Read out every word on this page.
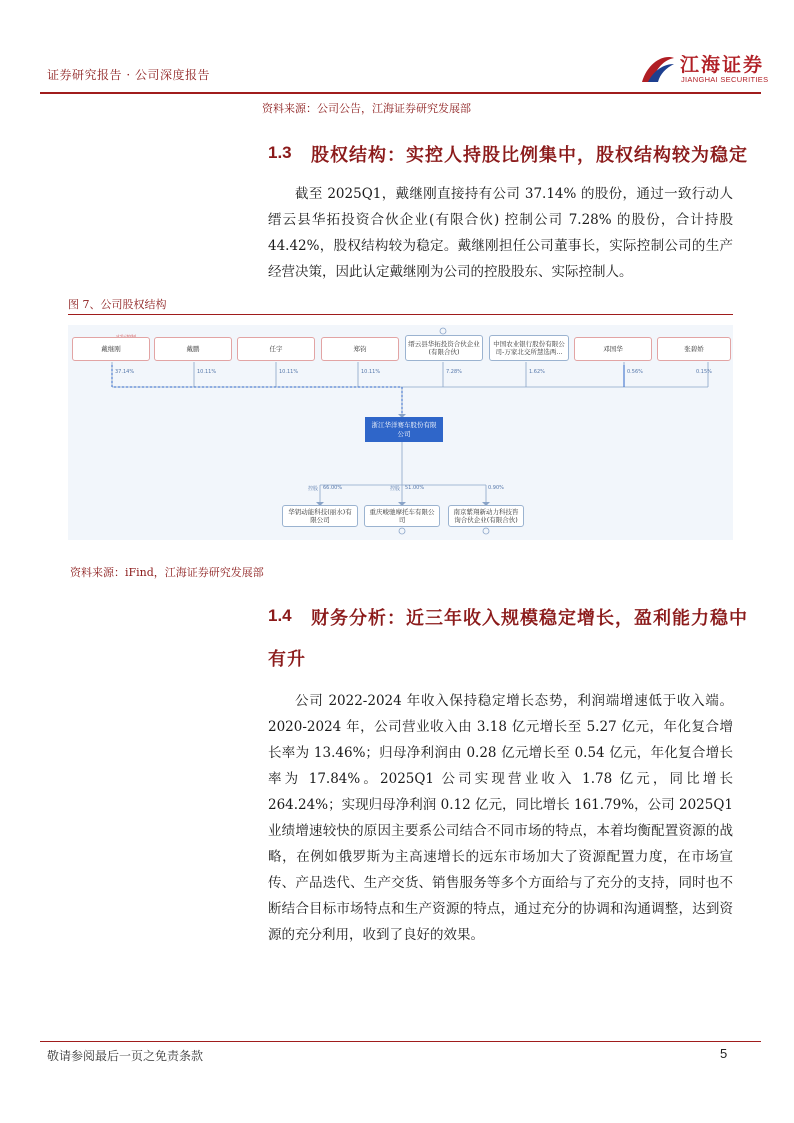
证券研究报告 · 公司深度报告	江海证券
JIANGHAI SECURITIES
资料来源：公司公告，江海证券研究发展部
1.3 股权结构：实控人持股比例集中，股权结构较为稳定

截至 2025Q1，戴继刚直接持有公司 37.14% 的股份，通过一致行动人缙云县华拓投资合伙企业(有限合伙) 控制公司 7.28% 的股份，合计持股 44.42%，股权结构较为稳定。戴继刚担任公司董事长，实际控制公司的生产经营决策，因此认定戴继刚为公司的控股股东、实际控制人。

图 7、公司股权结构
戴继刚	戴鹏	任宇	郑钧
缙云县华拓投资合伙企业(有限合伙)
中国农业银行股份有限公司-万家北交所慧选两...	邓国华	张碧娇
37.14%	10.11%	10.11%	10.11%	7.28%	1.62%	0.56%	0.15%
浙江华洋赛车股份有限公司
控股 66.00%	控股 51.00%	0.90%
华钥动能科技(丽水)有限公司
重庆峻驰摩托车有限公司
南京紫翔新动力科技咨询合伙企业(有限合伙)
资料来源：iFind，江海证券研究发展部
1.4 财务分析：近三年收入规模稳定增长，盈利能力稳中
有升

公司 2022-2024 年收入保持稳定增长态势，利润端增速低于收入端。2020-2024 年，公司营业收入由 3.18 亿元增长至 5.27 亿元，年化复合增长率为 13.46%；归母净利润由 0.28 亿元增长至 0.54 亿元，年化复合增长率为 17.84%。2025Q1 公司实现营业收入 1.78 亿元，同比增长 264.24%；实现归母净利润 0.12 亿元，同比增长 161.79%，公司 2025Q1 业绩增速较快的原因主要系公司结合不同市场的特点，本着均衡配置资源的战略，在例如俄罗斯为主高速增长的远东市场加大了资源配置力度，在市场宣传、产品迭代、生产交货、销售服务等多个方面给与了充分的支持，同时也不断结合目标市场特点和生产资源的特点，通过充分的协调和沟通调整，达到资源的充分利用，收到了良好的效果。

敬请参阅最后一页之免责条款	5
